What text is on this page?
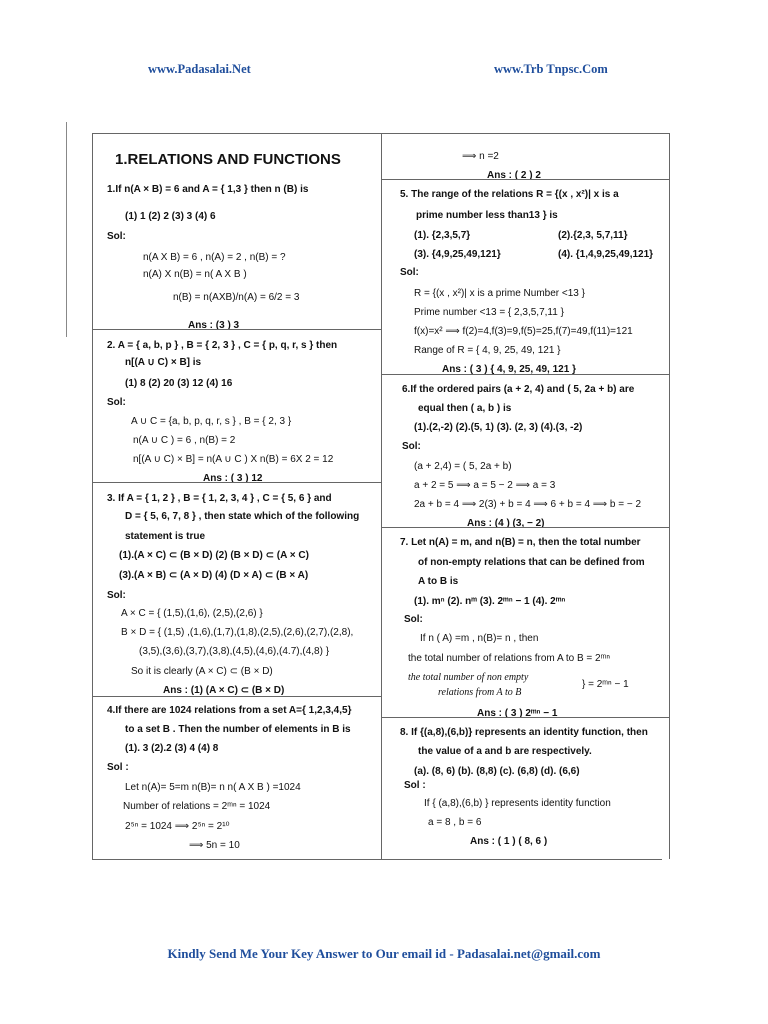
www.Padasalai.Net	www.Trb Tnpsc.Com
1.RELATIONS AND FUNCTIONS
1.If n(A × B) = 6 and A = { 1,3 } then n (B) is
(1) 1 (2) 2 (3) 3 (4) 6
Sol:
n(A X B) = 6 , n(A) = 2 , n(B) = ?
n(A) X n(B) = n( A X B )
n(B) = n(AXB)/n(A) = 6/2 = 3
Ans : (3 ) 3
2. A = { a, b, p } , B = { 2, 3 } , C = { p, q, r, s } then
n[(A ∪ C) × B] is
(1) 8 (2) 20 (3) 12 (4) 16
Sol:
A ∪ C = {a, b, p, q, r, s } , B = { 2, 3 }
n(A ∪ C ) = 6 , n(B) = 2
n[(A ∪ C) × B] = n(A ∪ C ) X n(B) = 6X 2 = 12
Ans : ( 3 ) 12
3. If A = { 1, 2 } , B = { 1, 2, 3, 4 } , C = { 5, 6 } and
D = { 5, 6, 7, 8 } , then state which of the following
statement is true
(1).(A × C) ⊂ (B × D) (2) (B × D) ⊂ (A × C)
(3).(A × B) ⊂ (A × D) (4) (D × A) ⊂ (B × A)
Sol:
A × C = { (1,5),(1,6), (2,5),(2,6) }
B × D = { (1,5) ,(1,6),(1,7),(1,8),(2,5),(2,6),(2,7),(2,8),
(3,5),(3,6),(3,7),(3,8),(4,5),(4,6),(4.7),(4,8) }
So it is clearly (A × C) ⊂ (B × D)
Ans : (1) (A × C) ⊂ (B × D)
4.If there are 1024 relations from a set A={ 1,2,3,4,5}
to a set B . Then the number of elements in B is
(1). 3 (2).2 (3) 4 (4) 8
Sol :
Let n(A)= 5=m n(B)= n n( A X B ) =1024
Number of relations = 2ᵐⁿ = 1024
2⁵ⁿ = 1024 ⟹ 2⁵ⁿ = 2¹⁰
⟹ 5n = 10
⟹ n =2
Ans : ( 2 ) 2
5. The range of the relations R = {(x , x²)| x is a
prime number less than13 } is
(1). {2,3,5,7}	(2).{2,3, 5,7,11}
(3). {4,9,25,49,121}	(4). {1,4,9,25,49,121}
Sol:
R = {(x , x²)| x is a prime Number <13 }
Prime number <13 = { 2,3,5,7,11 }
f(x)=x² ⟹ f(2)=4,f(3)=9,f(5)=25,f(7)=49,f(11)=121
Range of R = { 4, 9, 25, 49, 121 }
Ans : ( 3 ) { 4, 9, 25, 49, 121 }
6.If the ordered pairs (a + 2, 4) and ( 5, 2a + b) are
equal then ( a, b ) is
(1).(2,-2) (2).(5, 1) (3). (2, 3) (4).(3, -2)
Sol:
(a + 2,4) = ( 5, 2a + b)
a + 2 = 5 ⟹ a = 5 − 2 ⟹ a = 3
2a + b = 4 ⟹ 2(3) + b = 4 ⟹ 6 + b = 4 ⟹ b = − 2
Ans : (4 ) (3, − 2)
7. Let n(A) = m, and n(B) = n, then the total number
of non-empty relations that can be defined from
A to B is
(1). mⁿ (2). nᵐ (3). 2ᵐⁿ − 1 (4). 2ᵐⁿ
Sol:
If n ( A) =m , n(B)= n , then
the total number of relations from A to B = 2ᵐⁿ
the total number of non empty
relations from A to B
} = 2ᵐⁿ − 1
Ans : ( 3 ) 2ᵐⁿ − 1
8. If {(a,8),(6,b)} represents an identity function, then
the value of a and b are respectively.
(a). (8, 6) (b). (8,8) (c). (6,8) (d). (6,6)
Sol :
If { (a,8),(6,b) } represents identity function
a = 8 , b = 6
Ans : ( 1 ) ( 8, 6 )
Kindly Send Me Your Key Answer to Our email id - Padasalai.net@gmail.com
